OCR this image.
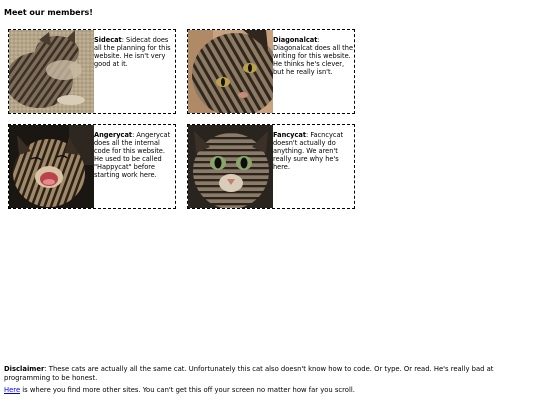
Meet our members!
Sidecat: Sidecat does all the planning for this website. He isn't very good at it.
Diagonalcat: Diagonalcat does all the writing for this website. He thinks he's clever, but he really isn't.
Angerycat: Angerycat does all the internal code for this website. He used to be called "Happycat" before starting work here.
Fancycat: Facncycat doesn't actually do anything. We aren't really sure why he's here.
Disclaimer: These cats are actually all the same cat. Unfortunately this cat also doesn't know how to code. Or type. Or read. He's really bad at programming to be honest.
Here is where you find more other sites. You can't get this off your screen no matter how far you scroll.
